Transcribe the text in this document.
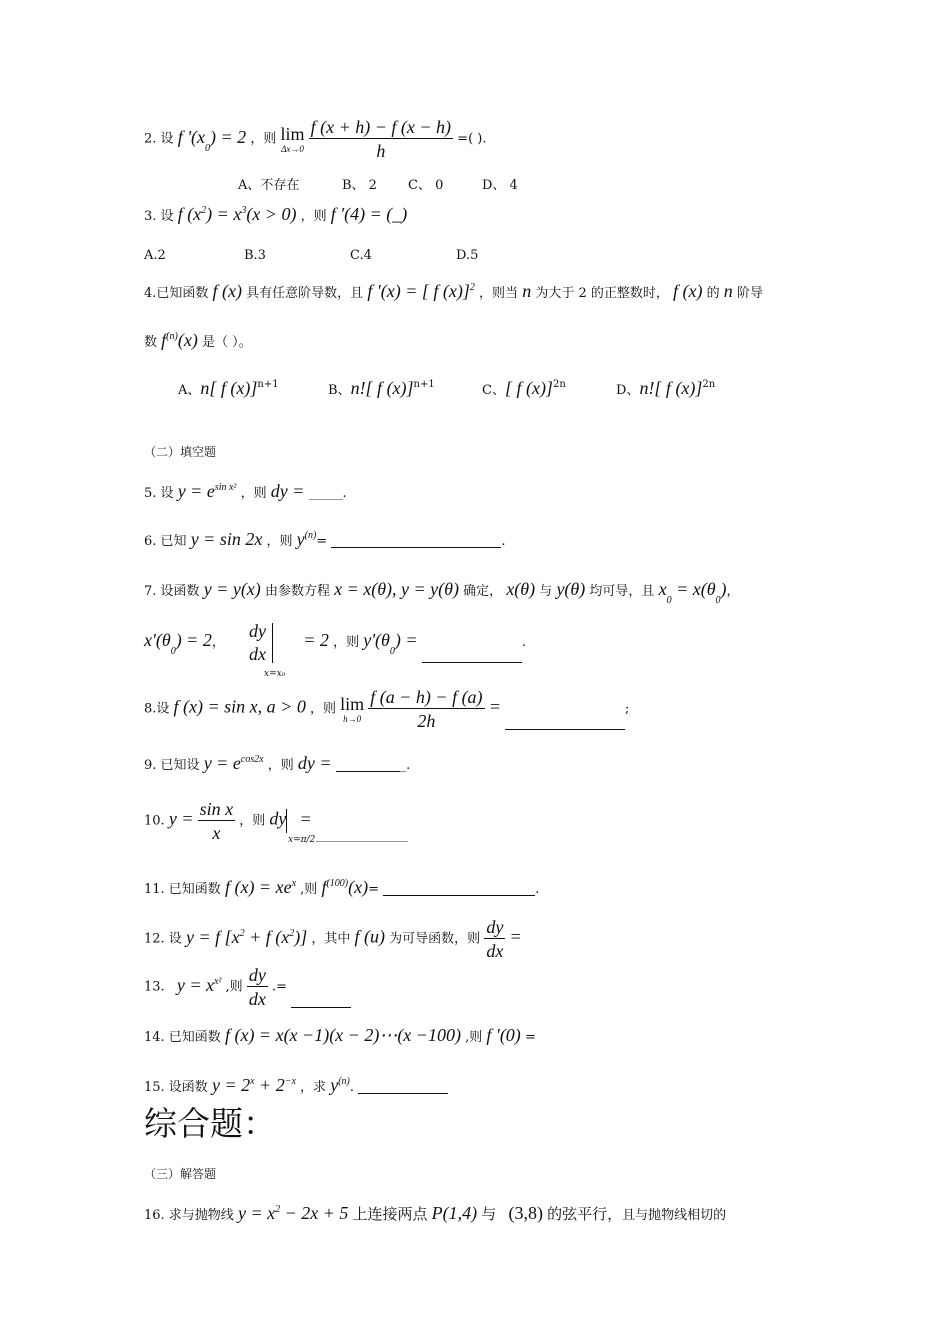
2. 设 f '$(x_0) = 2$ ，则 lim
Δx→0
$\frac{f (x + h) - f (x - h)}{h}$ =( ).
A、不存在	B、 2 C、 0	D、 4
3. 设 f $(x^2) = x^3(x > 0)$ ，则 f ′(4) = (_)
A.2	B.3	C.4	D.5
4.已知函数 f (x) 具有任意阶导数，且 f ′(x) = [ f (x)]$^2$ ，则当 n 为大于 2 的正整数时， f (x) 的 n 阶导
数 $f^{(n)}(x)$ 是（ ）。
A、n[ f (x)]$^{n+1}$	B、n![ f (x)]$^{n+1}$	C、[ f (x)]$^{2n}$	D、n![ f (x)]$^{2n}$
（二）填空题
5. 设 $y = e^{sin x^2}$ ，则 dy =	.
6. 已知 y = sin 2x ，则 $y^{(n)}=$	.
7. 设函数 y = y(x) 由参数方程 x = x(θ), y = y(θ) 确定， x(θ) 与 y(θ) 均可导，且 $x_0 = x(\theta_0)$，
$x'(\theta_0) = 2$，
dy
dx
= 2 ，则 $y'(\theta_0)$ =	.
x=x₀
8.设 f (x) = sin x, a > 0 ，则 lim
h→0
$\frac{f (a - h) - f (a)}{2h}$ =	;
9. 已知设 $y = e^{cos2x}$ ，则 dy =	_.
10. $y = \frac{\text{sin x}}{x}$ ，则 dy =
x=π/2
11. 已知函数 f $(x) = xe^x$ ,则 $f^{(100)}(x)=$	.
12. 设 y = f [$x^2 + f$ $(x^2)$] ，其中 f (u) 为可导函数，则 $\frac{dy}{dx}$ =
13. $y = x^{x^2}$ ,则 $\frac{dy}{dx}$ .=
14. 已知函数 f (x) = x(x −1)(x − 2)⋯(x −100) ,则 f ′(0) =
15. 设函数 $y = 2^x + 2^{-x}$ ，求 $y^{(n)}$.
综合题：
（三）解答题
16. 求与抛物线 $y = x^2 - 2x + 5$ 上连接两点 P(1,4) 与 (3,8) 的弦平行，且与抛物线相切的
